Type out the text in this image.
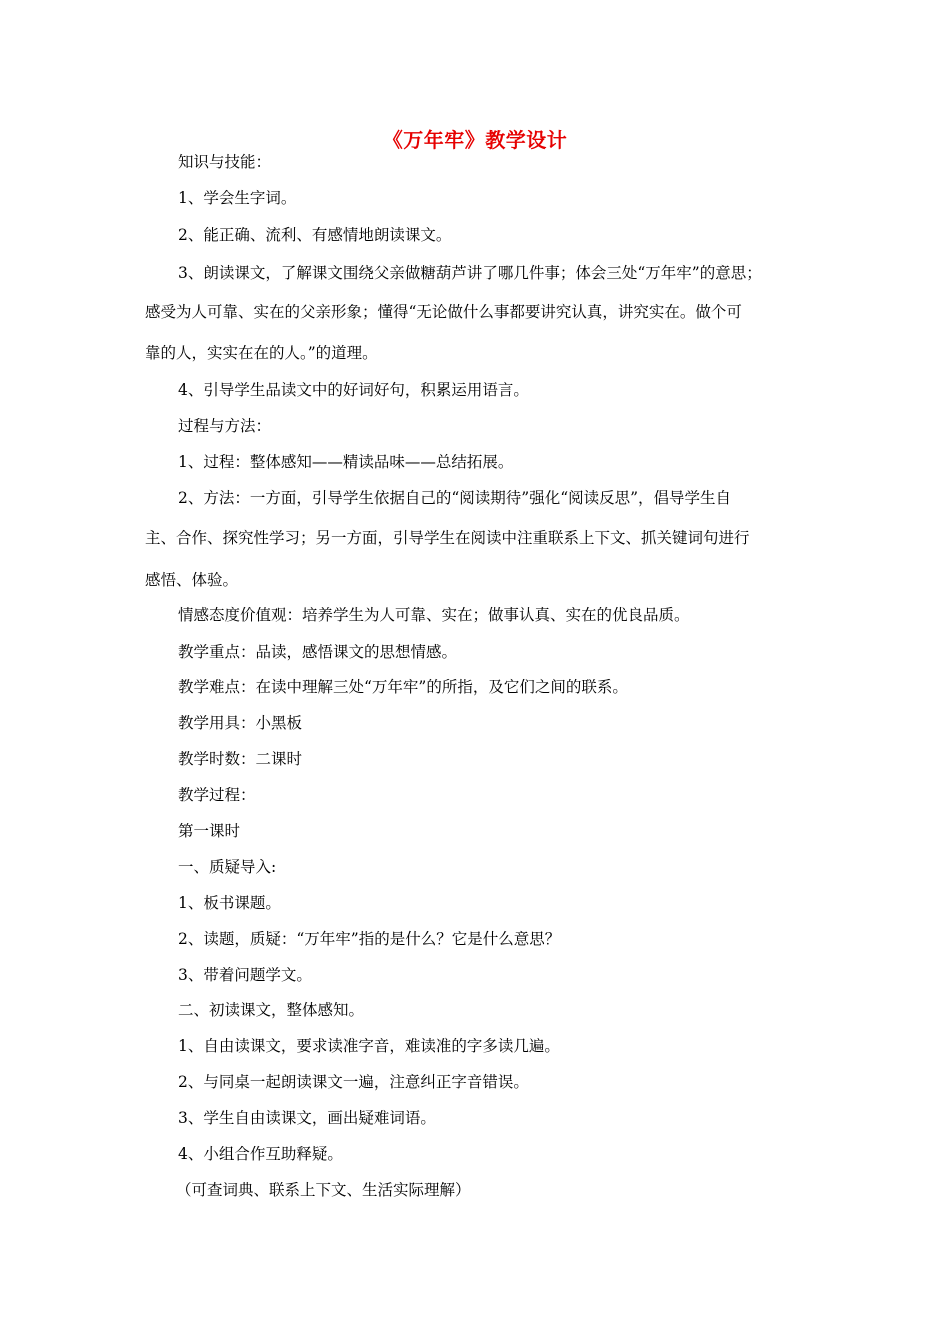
《万年牢》教学设计
知识与技能：
1、学会生字词。
2、能正确、流利、有感情地朗读课文。
3、朗读课文，了解课文围绕父亲做糖葫芦讲了哪几件事；体会三处“万年牢”的意思；
感受为人可靠、实在的父亲形象；懂得“无论做什么事都要讲究认真，讲究实在。做个可
靠的人，实实在在的人。”的道理。
4、引导学生品读文中的好词好句，积累运用语言。
过程与方法：
1、过程：整体感知——精读品味——总结拓展。
2、方法：一方面，引导学生依据自己的“阅读期待”强化“阅读反思”，倡导学生自
主、合作、探究性学习；另一方面，引导学生在阅读中注重联系上下文、抓关键词句进行
感悟、体验。
情感态度价值观：培养学生为人可靠、实在；做事认真、实在的优良品质。
教学重点：品读，感悟课文的思想情感。
教学难点：在读中理解三处“万年牢”的所指，及它们之间的联系。
教学用具：小黑板
教学时数：二课时
教学过程：
第一课时
一、质疑导入:
1、板书课题。
2、读题，质疑：“万年牢”指的是什么？它是什么意思？
3、带着问题学文。
二、初读课文，整体感知。
1、自由读课文，要求读准字音，难读准的字多读几遍。
2、与同桌一起朗读课文一遍，注意纠正字音错误。
3、学生自由读课文，画出疑难词语。
4、小组合作互助释疑。
（可查词典、联系上下文、生活实际理解）
